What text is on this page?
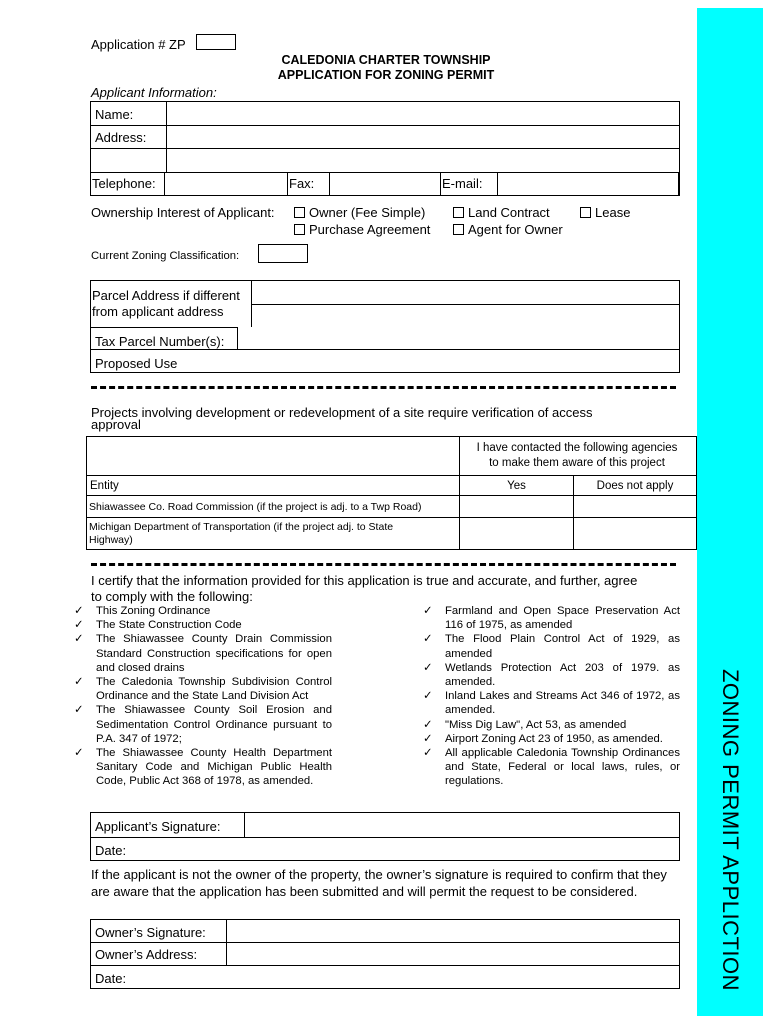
ZONING PERMIT APPLICTION
Application # ZP
CALEDONIA CHARTER TOWNSHIP
APPLICATION FOR ZONING PERMIT
Applicant Information:
Name:
Address:
Telephone:	Fax:	E-mail:
Ownership Interest of Applicant:	Owner (Fee Simple)	Land Contract	Lease
Purchase Agreement	Agent for Owner
Current Zoning Classification:
Parcel Address if different
from applicant address
Tax Parcel Number(s):
Proposed Use
Projects involving development or redevelopment of a site require verification of access
approval
I have contacted the following agencies
to make them aware of this project
Entity	Yes	Does not apply
Shiawassee Co. Road Commission (if the project is adj. to a Twp Road)
Michigan Department of Transportation (if the project adj. to State Highway)
I certify that the information provided for this application is true and accurate, and further, agree
to comply with the following:
✓ This Zoning Ordinance
✓ The State Construction Code
✓ The Shiawassee County Drain Commission Standard Construction specifications for open and closed drains
✓ The Caledonia Township Subdivision Control Ordinance and the State Land Division Act
✓ The Shiawassee County Soil Erosion and Sedimentation Control Ordinance pursuant to P.A. 347 of 1972;
✓ The Shiawassee County Health Department Sanitary Code and Michigan Public Health Code, Public Act 368 of 1978, as amended.
✓ Farmland and Open Space Preservation Act 116 of 1975, as amended
✓ The Flood Plain Control Act of 1929, as amended
✓ Wetlands Protection Act 203 of 1979. as amended.
✓ Inland Lakes and Streams Act 346 of 1972, as amended.
✓ "Miss Dig Law", Act 53, as amended
✓ Airport Zoning Act 23 of 1950, as amended.
✓ All applicable Caledonia Township Ordinances and State, Federal or local laws, rules, or regulations.
Applicant’s Signature:
Date:
If the applicant is not the owner of the property, the owner’s signature is required to confirm that they are aware that the application has been submitted and will permit the request to be considered.
Owner’s Signature:
Owner’s Address:
Date:
